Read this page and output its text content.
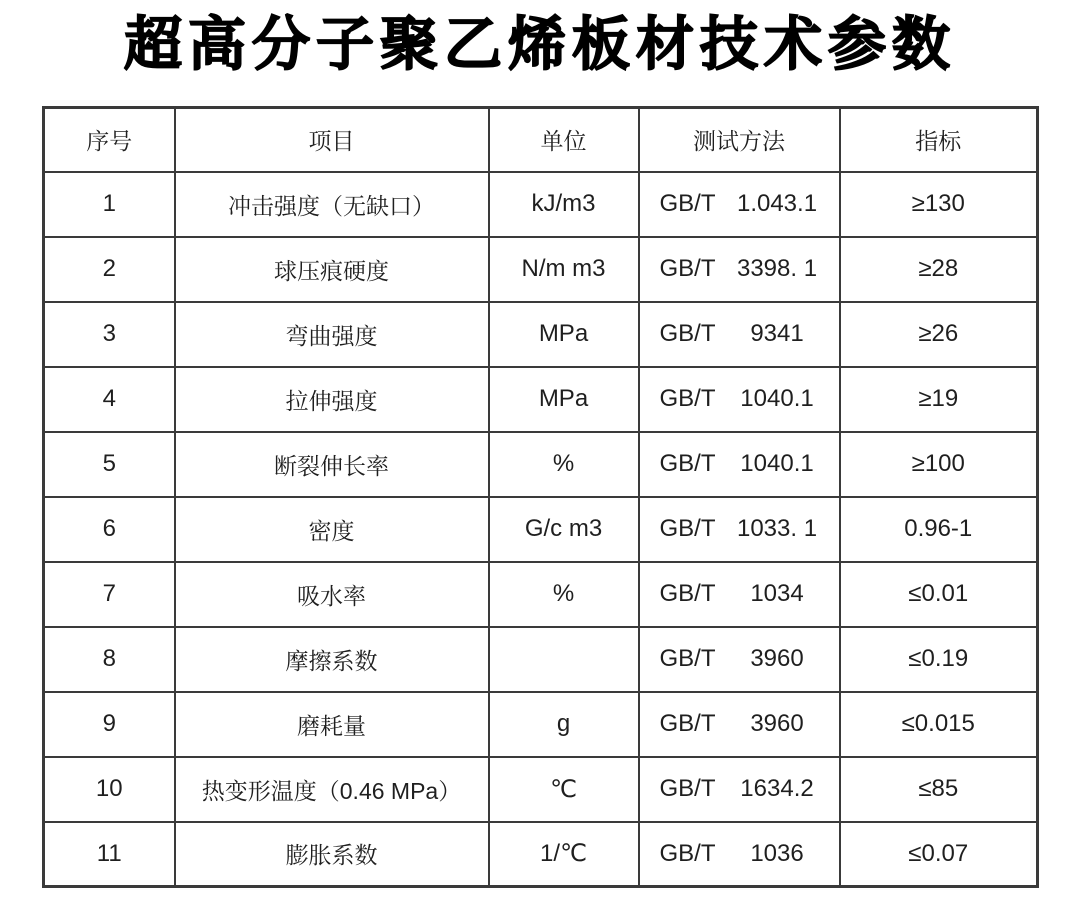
超高分子聚乙烯板材技术参数
序号	项目	单位	测试方法	指标
1	冲击强度（无缺口）	kJ/m3	GB/T 1.043.1	≥130
2	球压痕硬度	N/m m3	GB/T 3398. 1	≥28
3	弯曲强度	MPa	GB/T 9341	≥26
4	拉伸强度	MPa	GB/T 1040.1	≥19
5	断裂伸长率	%	GB/T 1040.1	≥100
6	密度	G/c m3	GB/T 1033. 1	0.96-1
7	吸水率	%	GB/T 1034	≤0.01
8	摩擦系数		GB/T 3960	≤0.19
9	磨耗量	g	GB/T 3960	≤0.015
10	热变形温度（0.46 MPa）	℃	GB/T 1634.2	≤85
11	膨胀系数	1/℃	GB/T 1036	≤0.07
